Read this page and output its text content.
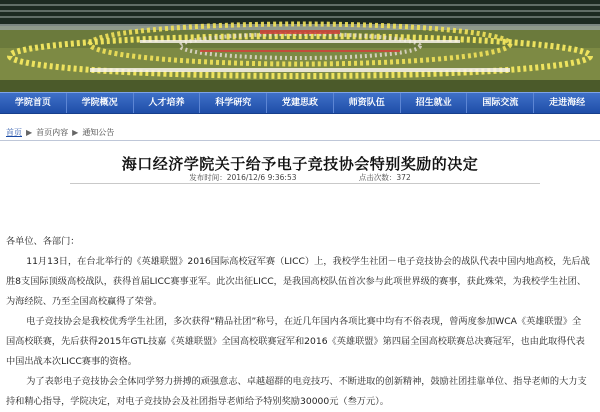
学院首页	学院概况	人才培养	科学研究	党建思政	师资队伍	招生就业	国际交流	走进海经
首页 ▶ 首页内容 ▶ 通知公告
海口经济学院关于给予电子竞技协会特别奖励的决定
发布时间：2016/12/6 9:36:53	点击次数：372

各单位、各部门：

11月13日，在台北举行的《英雄联盟》2016国际高校冠军赛（LICC）上，我校学生社团－电子竞技协会的战队代表中国内地高校，先后战胜8支国际顶级高校战队，获得首届LICC赛事亚军。此次出征LICC，是我国高校队伍首次参与此项世界级的赛事，获此殊荣，为我校学生社团、为海经院、乃至全国高校赢得了荣誉。

电子竞技协会是我校优秀学生社团，多次获得“精品社团”称号，在近几年国内各项比赛中均有不俗表现，曾两度参加WCA《英雄联盟》全国高校联赛，先后获得2015年GTL技嘉《英雄联盟》全国高校联赛冠军和2016《英雄联盟》第四届全国高校联赛总决赛冠军，也由此取得代表中国出战本次LICC赛事的资格。

为了表彰电子竞技协会全体同学努力拼搏的顽强意志、卓越超群的电竞技巧、不断进取的创新精神，鼓励社团挂靠单位、指导老师的大力支持和精心指导，学院决定，对电子竞技协会及社团指导老师给予特别奖励30000元（叁万元）。
